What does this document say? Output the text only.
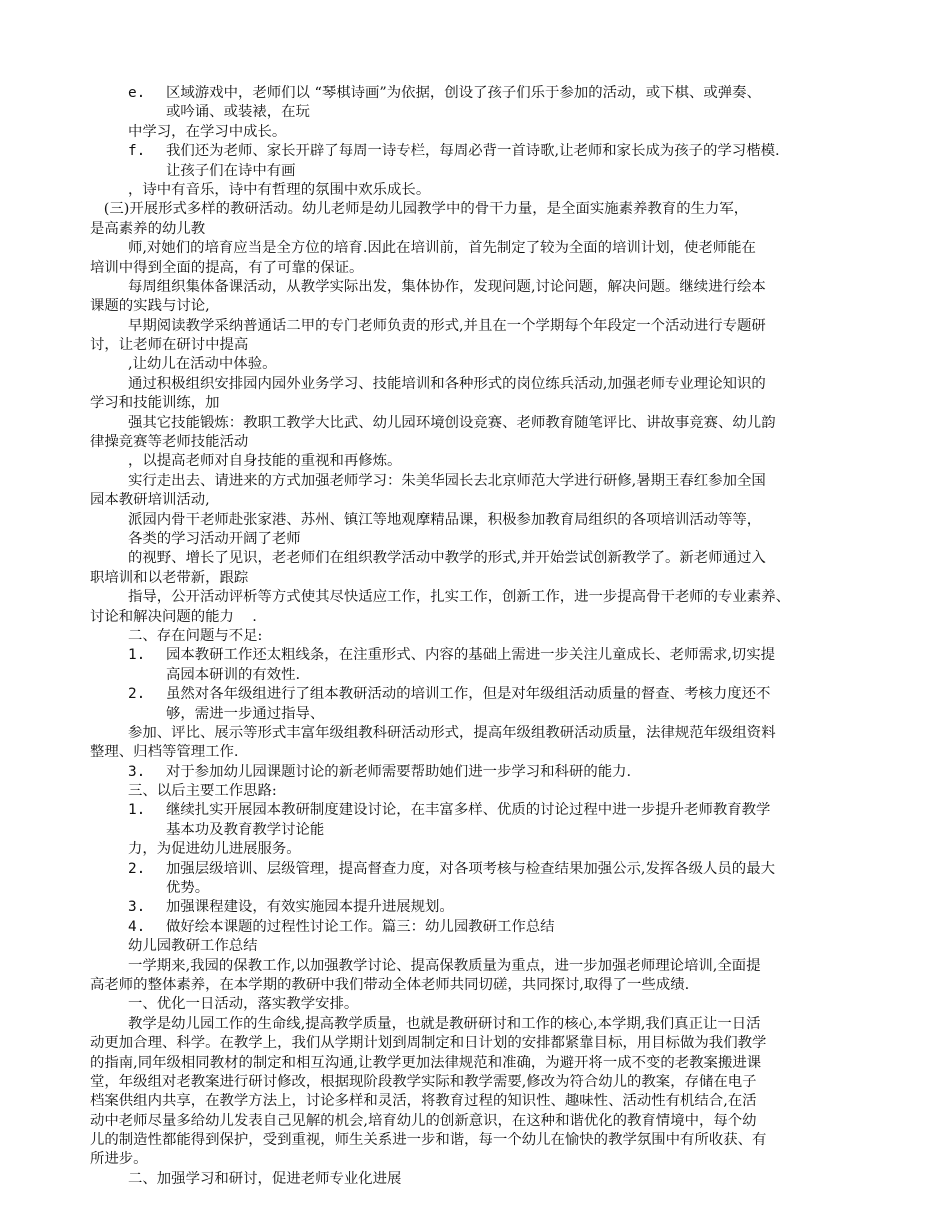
e. 区域游戏中，老师们以 “琴棋诗画”为依据，创设了孩子们乐于参加的活动，或下棋、或弹奏、
或吟诵、或装裱，在玩
中学习，在学习中成长。
f. 我们还为老师、家长开辟了每周一诗专栏，每周必背一首诗歌,让老师和家长成为孩子的学习楷模.
让孩子们在诗中有画
，诗中有音乐，诗中有哲理的氛围中欢乐成长。
(三)开展形式多样的教研活动。幼儿老师是幼儿园教学中的骨干力量，是全面实施素养教育的生力军，
是高素养的幼儿教
师,对她们的培育应当是全方位的培育.因此在培训前，首先制定了较为全面的培训计划，使老师能在
培训中得到全面的提高，有了可靠的保证。
每周组织集体备课活动，从教学实际出发，集体协作，发现问题,讨论问题，解决问题。继续进行绘本
课题的实践与讨论,
早期阅读教学采纳普通话二甲的专门老师负责的形式,并且在一个学期每个年段定一个活动进行专题研
讨，让老师在研讨中提高
,让幼儿在活动中体验。
通过积极组织安排园内园外业务学习、技能培训和各种形式的岗位练兵活动,加强老师专业理论知识的
学习和技能训练，加
强其它技能锻炼：教职工教学大比武、幼儿园环境创设竞赛、老师教育随笔评比、讲故事竞赛、幼儿韵
律操竞赛等老师技能活动
，以提高老师对自身技能的重视和再修炼。
实行走出去、请进来的方式加强老师学习：朱美华园长去北京师范大学进行研修,暑期王春红参加全国
园本教研培训活动,
派园内骨干老师赴张家港、苏州、镇江等地观摩精品课，积极参加教育局组织的各项培训活动等等，
各类的学习活动开阔了老师
的视野、增长了见识，老老师们在组织教学活动中教学的形式,并开始尝试创新教学了。新老师通过入
职培训和以老带新，跟踪
指导，公开活动评析等方式使其尽快适应工作，扎实工作，创新工作，进一步提高骨干老师的专业素养、
讨论和解决问题的能力    .
二、存在问题与不足:
1. 园本教研工作还太粗线条，在注重形式、内容的基础上需进一步关注儿童成长、老师需求,切实提
高园本研训的有效性.
2. 虽然对各年级组进行了组本教研活动的培训工作，但是对年级组活动质量的督查、考核力度还不
够，需进一步通过指导、
参加、评比、展示等形式丰富年级组教科研活动形式，提高年级组教研活动质量，法律规范年级组资料
整理、归档等管理工作.
3. 对于参加幼儿园课题讨论的新老师需要帮助她们进一步学习和科研的能力.
三、以后主要工作思路:
1. 继续扎实开展园本教研制度建设讨论，在丰富多样、优质的讨论过程中进一步提升老师教育教学
基本功及教育教学讨论能
力，为促进幼儿进展服务。
2. 加强层级培训、层级管理，提高督查力度，对各项考核与检查结果加强公示,发挥各级人员的最大
优势。
3. 加强课程建设，有效实施园本提升进展规划。
4. 做好绘本课题的过程性讨论工作。篇三：幼儿园教研工作总结
幼儿园教研工作总结
一学期来,我园的保教工作,以加强教学讨论、提高保教质量为重点，进一步加强老师理论培训,全面提
高老师的整体素养，在本学期的教研中我们带动全体老师共同切磋，共同探讨,取得了一些成绩.
一、优化一日活动，落实教学安排。
教学是幼儿园工作的生命线,提高教学质量，也就是教研研讨和工作的核心,本学期,我们真正让一日活
动更加合理、科学。在教学上，我们从学期计划到周制定和日计划的安排都紧靠目标，用目标做为我们教学
的指南,同年级相同教材的制定和相互沟通,让教学更加法律规范和准确，为避开将一成不变的老教案搬进课
堂，年级组对老教案进行研讨修改，根据现阶段教学实际和教学需要,修改为符合幼儿的教案，存储在电子
档案供组内共享，在教学方法上，讨论多样和灵活，将教育过程的知识性、趣味性、活动性有机结合,在活
动中老师尽量多给幼儿发表自己见解的机会,培育幼儿的创新意识，在这种和谐优化的教育情境中，每个幼
儿的制造性都能得到保护，受到重视，师生关系进一步和谐，每一个幼儿在愉快的教学氛围中有所收获、有
所进步。
二、加强学习和研讨，促进老师专业化进展
